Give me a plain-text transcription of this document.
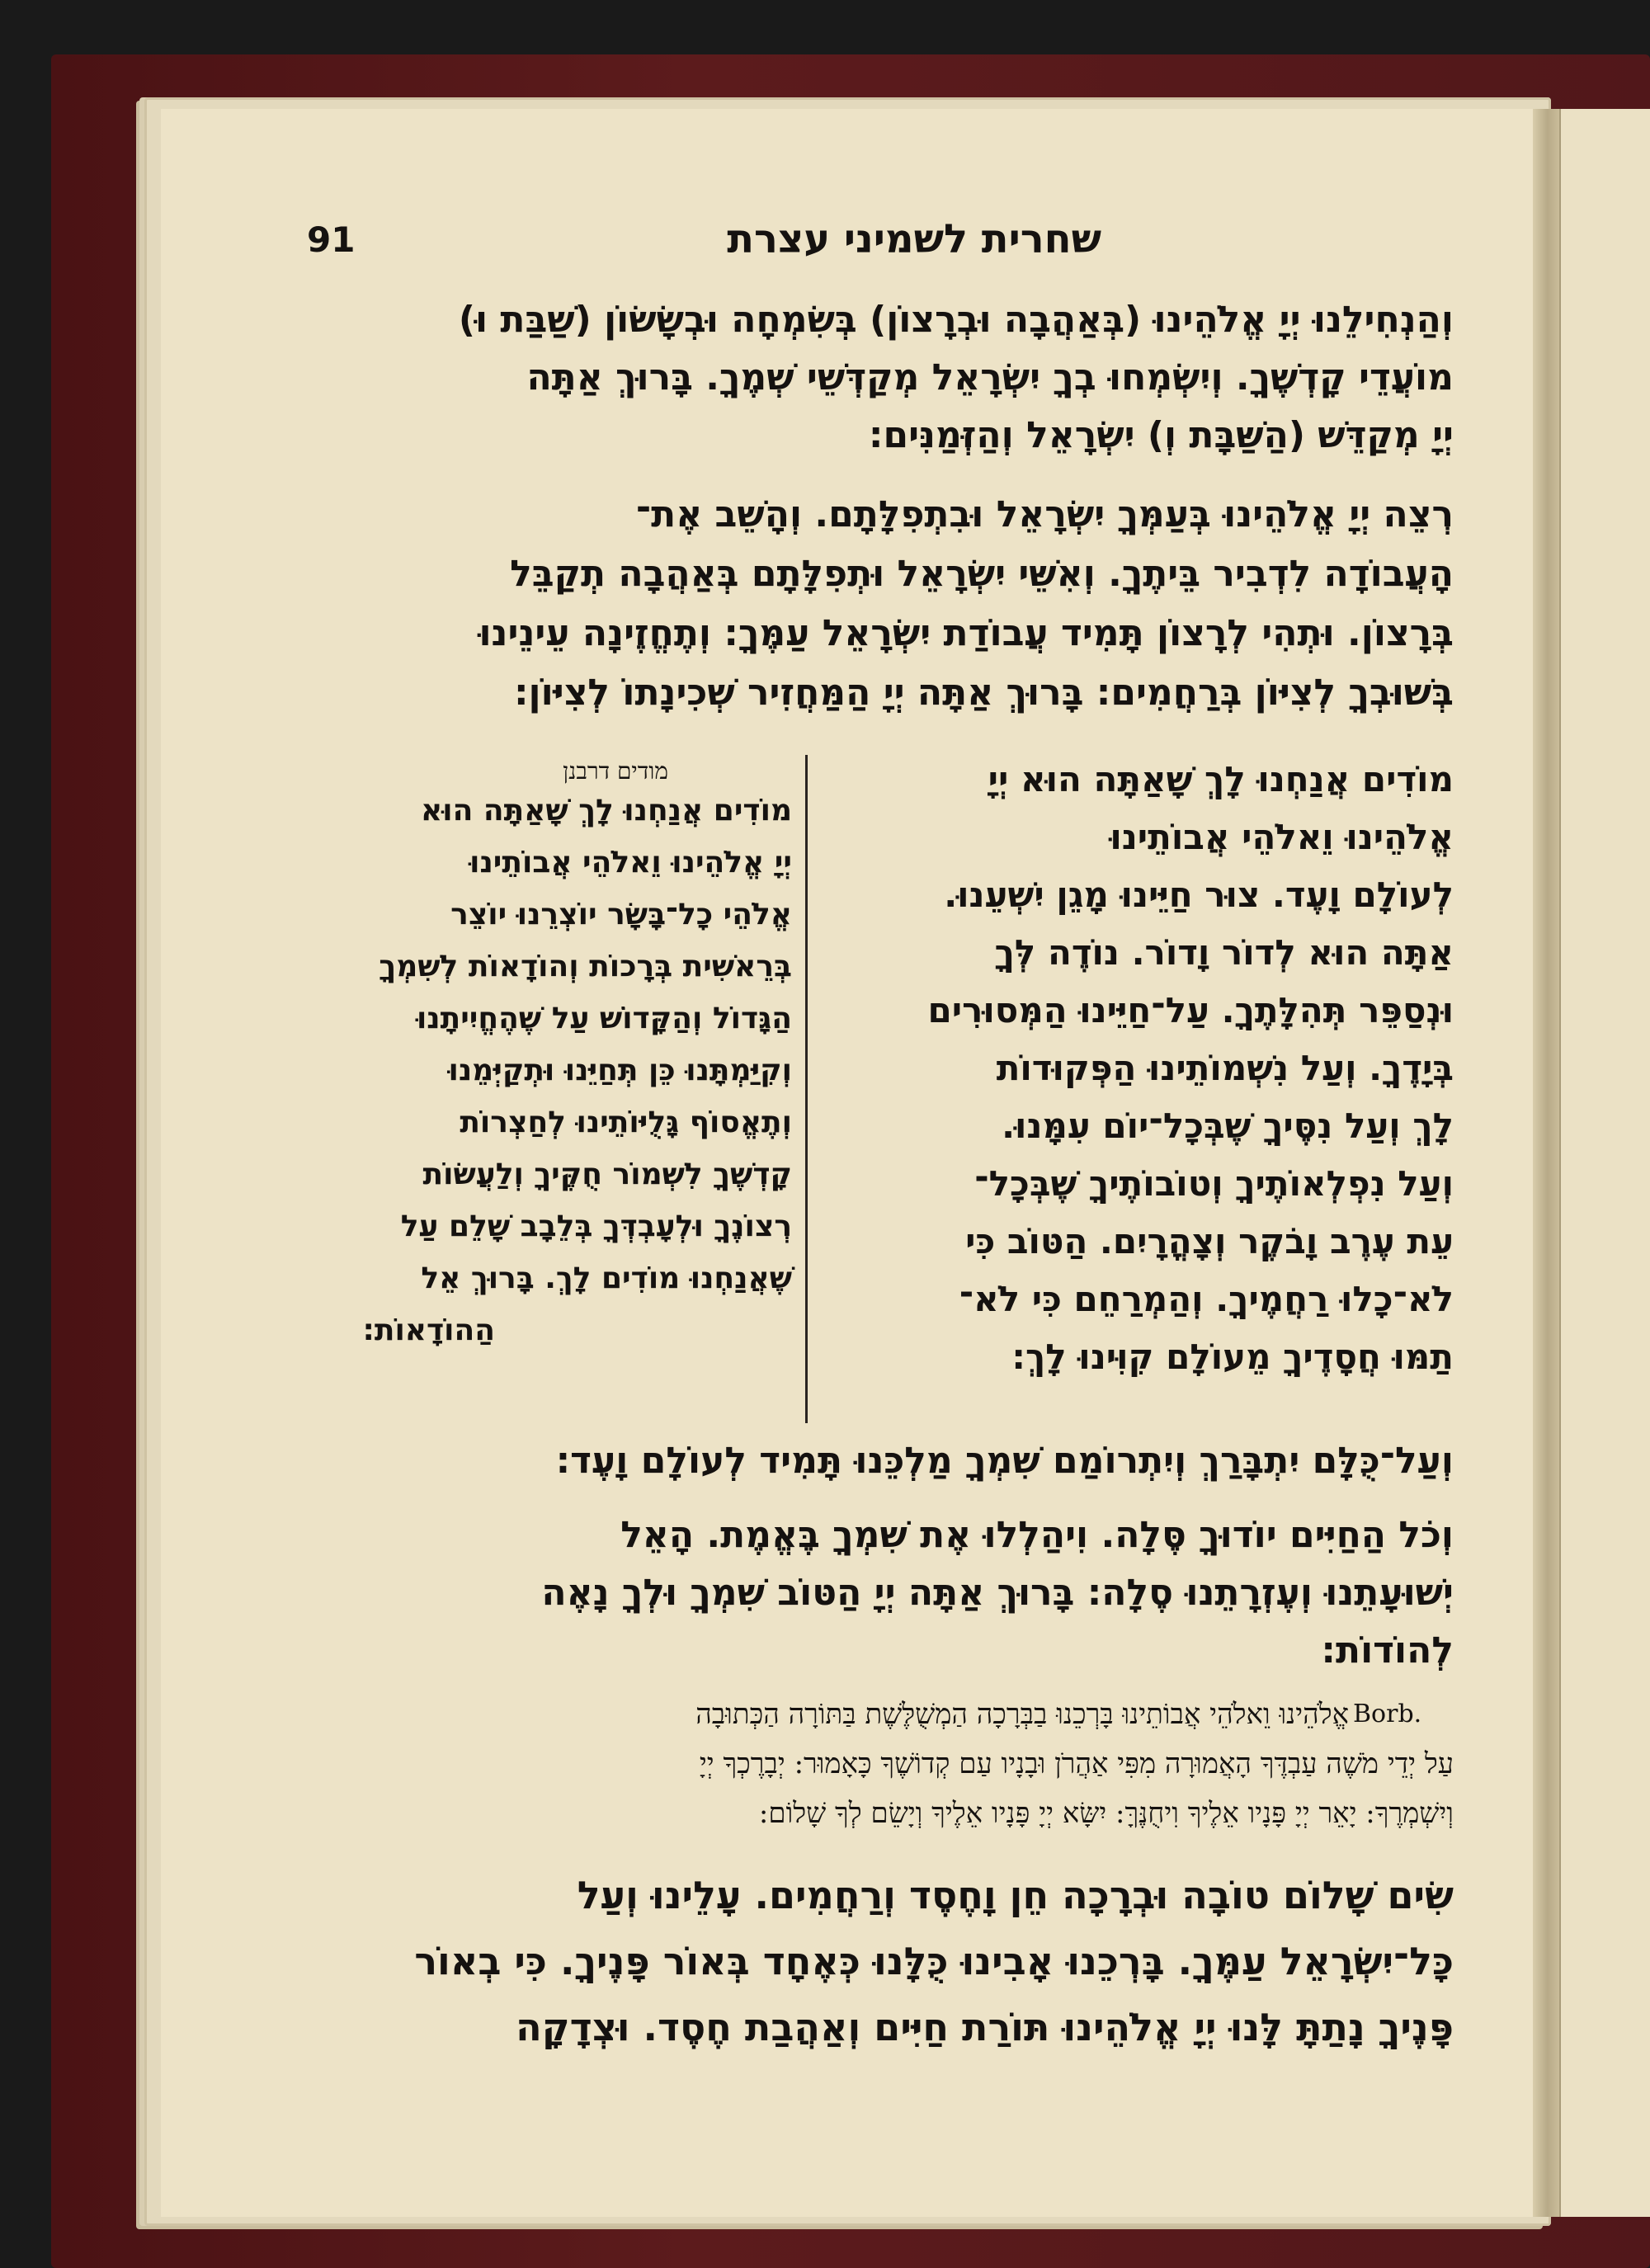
91	שחרית לשמיני עצרת
וְהַנְחִילֵנוּ יְיָ אֱלֹהֵינוּ (בְּאַהֲבָה וּבְרָצוֹן) בְּשִׂמְחָה וּבְשָׂשׂוֹן (שַׁבַּת וּ)
מוֹעֲדֵי קָדְשֶׁךָ. וְיִשְׂמְחוּ בְךָ יִשְׂרָאֵל מְקַדְּשֵׁי שְׁמֶךָ. בָּרוּךְ אַתָּה
יְיָ מְקַדֵּשׁ (הַשַּׁבָּת וְ) יִשְׂרָאֵל וְהַזְּמַנִּים:
רְצֵה יְיָ אֱלֹהֵינוּ בְּעַמְּךָ יִשְׂרָאֵל וּבִתְפִלָּתָם. וְהָשֵׁב אֶת־
הָעֲבוֹדָה לִדְבִיר בֵּיתֶךָ. וְאִשֵּׁי יִשְׂרָאֵל וּתְפִלָּתָם בְּאַהֲבָה תְקַבֵּל
בְּרָצוֹן. וּתְהִי לְרָצוֹן תָּמִיד עֲבוֹדַת יִשְׂרָאֵל עַמֶּךָ: וְתֶחֱזֶינָה עֵינֵינוּ
בְּשׁוּבְךָ לְצִיּוֹן בְּרַחֲמִים: בָּרוּךְ אַתָּה יְיָ הַמַּחֲזִיר שְׁכִינָתוֹ לְצִיּוֹן:
מוֹדִים אֲנַחְנוּ לָךְ שָׁאַתָּה הוּא יְיָ
אֱלֹהֵינוּ וֵאלֹהֵי אֲבוֹתֵינוּ
לְעוֹלָם וָעֶד. צוּר חַיֵּינוּ מָגֵן יִשְׁעֵנוּ.
אַתָּה הוּא לְדוֹר וָדוֹר. נוֹדֶה לְּךָ
וּנְסַפֵּר תְּהִלָּתֶךָ. עַל־חַיֵּינוּ הַמְּסוּרִים
בְּיָדֶךָ. וְעַל נִשְׁמוֹתֵינוּ הַפְּקוּדוֹת
לָךְ וְעַל נִסֶּיךָ שֶׁבְּכָל־יוֹם עִמָּנוּ.
וְעַל נִפְלְאוֹתֶיךָ וְטוֹבוֹתֶיךָ שֶׁבְּכָל־
עֵת עֶרֶב וָבֹקֶר וְצָהֳרָיִם. הַטּוֹב כִּי
לֹא־כָלוּ רַחֲמֶיךָ. וְהַמְרַחֵם כִּי לֹא־
תַמּוּ חֲסָדֶיךָ מֵעוֹלָם קִוִּינוּ לָךְ:
מודים דרבנן
מוֹדִים אֲנַחְנוּ לָךְ שָׁאַתָּה הוּא
יְיָ אֱלֹהֵינוּ וֵאלֹהֵי אֲבוֹתֵינוּ
אֱלֹהֵי כָל־בָּשָׂר יוֹצְרֵנוּ יוֹצֵר
בְּרֵאשִׁית בְּרָכוֹת וְהוֹדָאוֹת לְשִׁמְךָ
הַגָּדוֹל וְהַקָּדוֹשׁ עַל שֶׁהֶחֱיִיתָנוּ
וְקִיַּמְתָּנוּ כֵּן תְּחַיֵּנוּ וּתְקַיְּמֵנוּ
וְתֶאֱסוֹף גָּלֻיּוֹתֵינוּ לְחַצְרוֹת
קָדְשֶׁךָ לִשְׁמוֹר חֻקֶּיךָ וְלַעֲשׂוֹת
רְצוֹנֶךָ וּלְעָבְדְּךָ בְּלֵבָב שָׁלֵם עַל
שֶׁאֲנַחְנוּ מוֹדִים לָךְ. בָּרוּךְ אֵל
הַהוֹדָאוֹת:
וְעַל־כֻּלָּם יִתְבָּרַךְ וְיִתְרוֹמַם שִׁמְךָ מַלְכֵּנוּ תָּמִיד לְעוֹלָם וָעֶד:
וְכֹל הַחַיִּים יוֹדוּךָ סֶּלָה. וִיהַלְלוּ אֶת שִׁמְךָ בֶּאֱמֶת. הָאֵל
יְשׁוּעָתֵנוּ וְעֶזְרָתֵנוּ סֶלָה: בָּרוּךְ אַתָּה יְיָ הַטּוֹב שִׁמְךָ וּלְךָ נָאֶה
לְהוֹדוֹת:
Borb.
אֱלֹהֵינוּ וֵאלֹהֵי אֲבוֹתֵינוּ בָּרְכֵנוּ בַבְּרָכָה הַמְשֻׁלֶּשֶׁת בַּתּוֹרָה הַכְּתוּבָה
עַל יְדֵי מֹשֶׁה עַבְדֶּךָ הָאֲמוּרָה מִפִּי אַהֲרֹן וּבָנָיו עַם קְדוֹשֶׁךָ כָּאָמוּר: יְבָרֶכְךָ יְיָ
וְיִשְׁמְרֶךָ: יָאֵר יְיָ פָּנָיו אֵלֶיךָ וִיחֻנֶּךָּ: יִשָּׂא יְיָ פָּנָיו אֵלֶיךָ וְיָשֵׂם לְךָ שָׁלוֹם:
שִׂים שָׁלוֹם טוֹבָה וּבְרָכָה חֵן וָחֶסֶד וְרַחֲמִים. עָלֵינוּ וְעַל
כָּל־יִשְׂרָאֵל עַמֶּךָ. בָּרְכֵנוּ אָבִינוּ כֻּלָּנוּ כְּאֶחָד בְּאוֹר פָּנֶיךָ. כִּי בְאוֹר
פָּנֶיךָ נָתַתָּ לָּנוּ יְיָ אֱלֹהֵינוּ תּוֹרַת חַיִּים וְאַהֲבַת חֶסֶד. וּצְדָקָה
